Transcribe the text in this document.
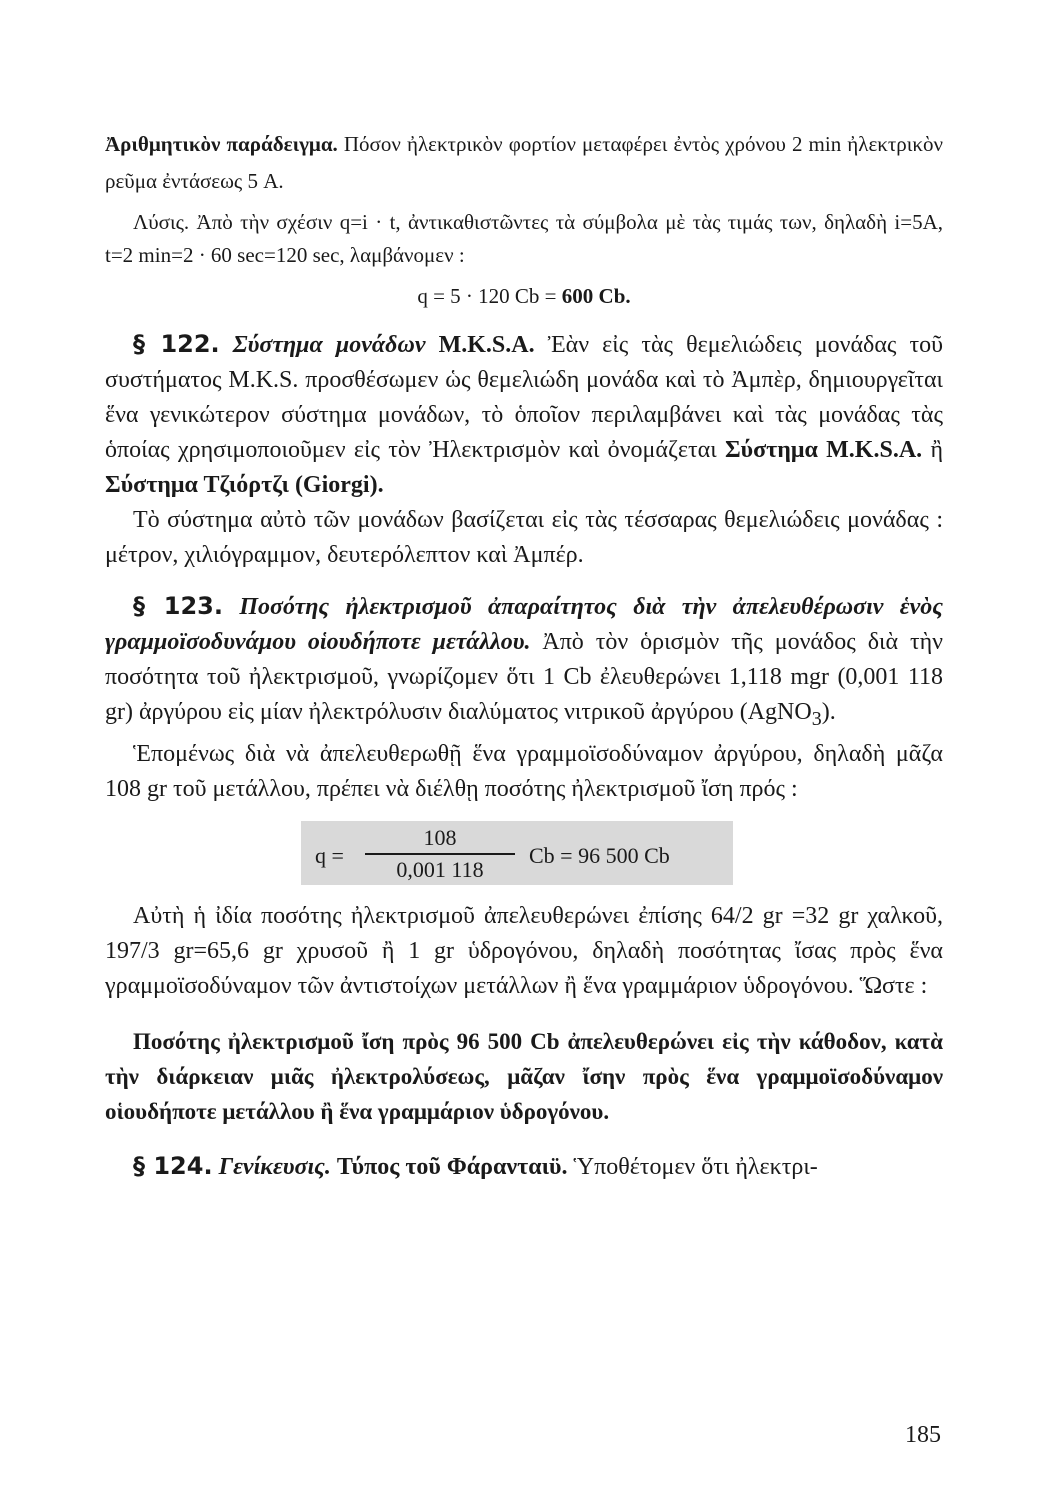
Ἀριθμητικὸν παράδειγμα. Πόσον ἠλεκτρικὸν φορτίον μεταφέρει ἐντὸς χρόνου 2 min ἠλεκτρικὸν ρεῦμα ἐντάσεως 5 A.

Λύσις. Ἀπὸ τὴν σχέσιν q=i · t, ἀντικαθιστῶντες τὰ σύμβολα μὲ τὰς τιμάς των, δηλαδὴ i=5A, t=2 min=2 · 60 sec=120 sec, λαμβάνομεν :

q = 5 · 120 Cb = 600 Cb.

§ 122. Σύστημα μονάδων M.K.S.A. Ἐὰν εἰς τὰς θεμελιώδεις μονάδας τοῦ συστήματος M.K.S. προσθέσωμεν ὡς θεμελιώδη μονάδα καὶ τὸ Ἀμπὲρ, δημιουργεῖται ἕνα γενικώτερον σύστημα μονάδων, τὸ ὁποῖον περιλαμβάνει καὶ τὰς μονάδας τὰς ὁποίας χρησιμοποιοῦμεν εἰς τὸν Ἠλεκτρισμὸν καὶ ὀνομάζεται Σύστημα M.K.S.A. ἢ Σύστημα Τζιόρτζι (Giorgi).

Τὸ σύστημα αὐτὸ τῶν μονάδων βασίζεται εἰς τὰς τέσσαρας θεμελιώδεις μονάδας : μέτρον, χιλιόγραμμον, δευτερόλεπτον καὶ Ἀμπέρ.

§ 123. Ποσότης ἠλεκτρισμοῦ ἀπαραίτητος διὰ τὴν ἀπελευθέρωσιν ἑνὸς γραμμοϊσοδυνάμου οἱουδήποτε μετάλλου. Ἀπὸ τὸν ὁρισμὸν τῆς μονάδος διὰ τὴν ποσότητα τοῦ ἠλεκτρισμοῦ, γνωρίζομεν ὅτι 1 Cb ἐλευθερώνει 1,118 mgr (0,001 118 gr) ἀργύρου εἰς μίαν ἠλεκτρόλυσιν διαλύματος νιτρικοῦ ἀργύρου (AgNO$_3$).

Ἑπομένως διὰ νὰ ἀπελευθερωθῇ ἕνα γραμμοϊσοδύναμον ἀργύρου, δηλαδὴ μᾶζα 108 gr τοῦ μετάλλου, πρέπει νὰ διέλθῃ ποσότης ἠλεκτρισμοῦ ἴση πρός :

$q = \frac{108}{0,001 118}$ Cb = 96 500 Cb

Αὐτὴ ἡ ἰδία ποσότης ἠλεκτρισμοῦ ἀπελευθερώνει ἐπίσης 64/2 gr =32 gr χαλκοῦ, 197/3 gr=65,6 gr χρυσοῦ ἢ 1 gr ὑδρογόνου, δηλαδὴ ποσότητας ἴσας πρὸς ἕνα γραμμοϊσοδύναμον τῶν ἀντιστοίχων μετάλλων ἢ ἕνα γραμμάριον ὑδρογόνου. Ὥστε :

Ποσότης ἠλεκτρισμοῦ ἴση πρὸς 96 500 Cb ἀπελευθερώνει εἰς τὴν κάθοδον, κατὰ τὴν διάρκειαν μιᾶς ἠλεκτρολύσεως, μᾶζαν ἴσην πρὸς ἕνα γραμμοϊσοδύναμον οἱουδήποτε μετάλλου ἢ ἕνα γραμμάριον ὑδρογόνου.

§ 124. Γενίκευσις. Τύπος τοῦ Φάρανταιϋ. Ὑποθέτομεν ὅτι ἠλεκτρι-

185
